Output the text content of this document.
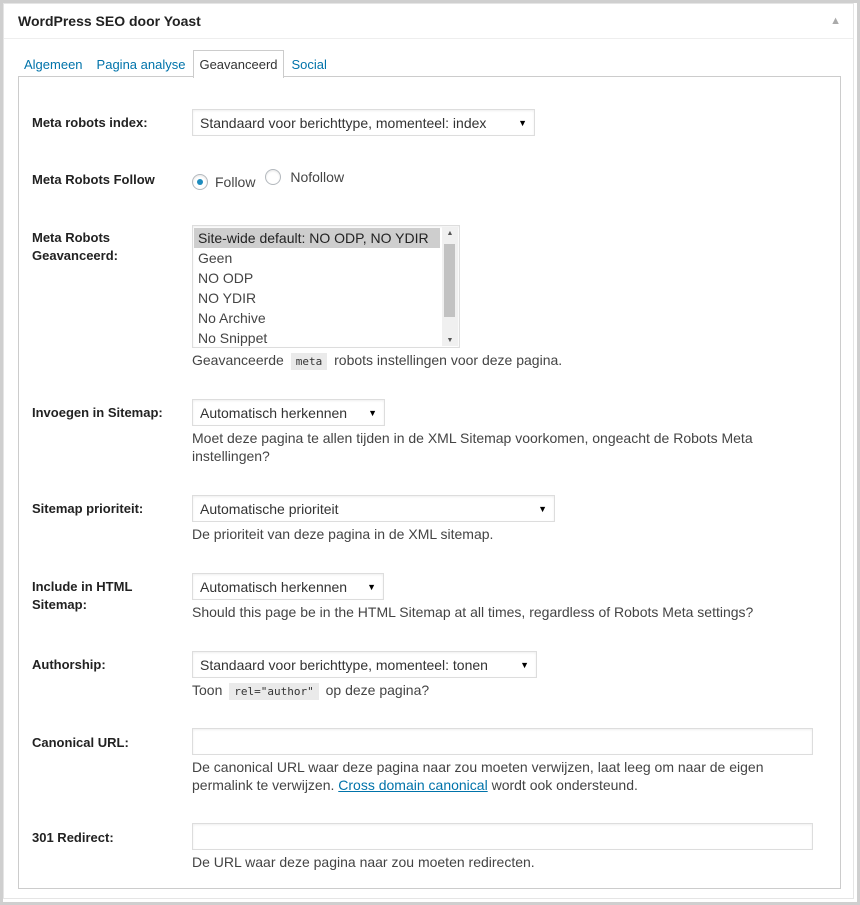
WordPress SEO door Yoast	▲
Algemeen	Pagina analyse	Geavanceerd	Social
Meta robots index:	Standaard voor berichttype, momenteel: index	▼
Meta Robots Follow	Follow
Nofollow
Meta Robots Geavanceerd:
Site-wide default: NO ODP, NO YDIR
Geen
NO ODP
NO YDIR
No Archive
No Snippet
▲
▼
Geavanceerde meta robots instellingen voor deze pagina.
Invoegen in Sitemap:	Automatisch herkennen ▼
Moet deze pagina te allen tijden in de XML Sitemap voorkomen, ongeacht de Robots Meta instellingen?
Sitemap prioriteit:	Automatische prioriteit	▼
De prioriteit van deze pagina in de XML sitemap.
Include in HTML Sitemap:
Automatisch herkennen ▼
Should this page be in the HTML Sitemap at all times, regardless of Robots Meta settings?
Authorship:	Standaard voor berichttype, momenteel: tonen	▼
Toon rel="author" op deze pagina?
Canonical URL:
De canonical URL waar deze pagina naar zou moeten verwijzen, laat leeg om naar de eigen permalink te verwijzen. Cross domain canonical wordt ook ondersteund.
301 Redirect:
De URL waar deze pagina naar zou moeten redirecten.
